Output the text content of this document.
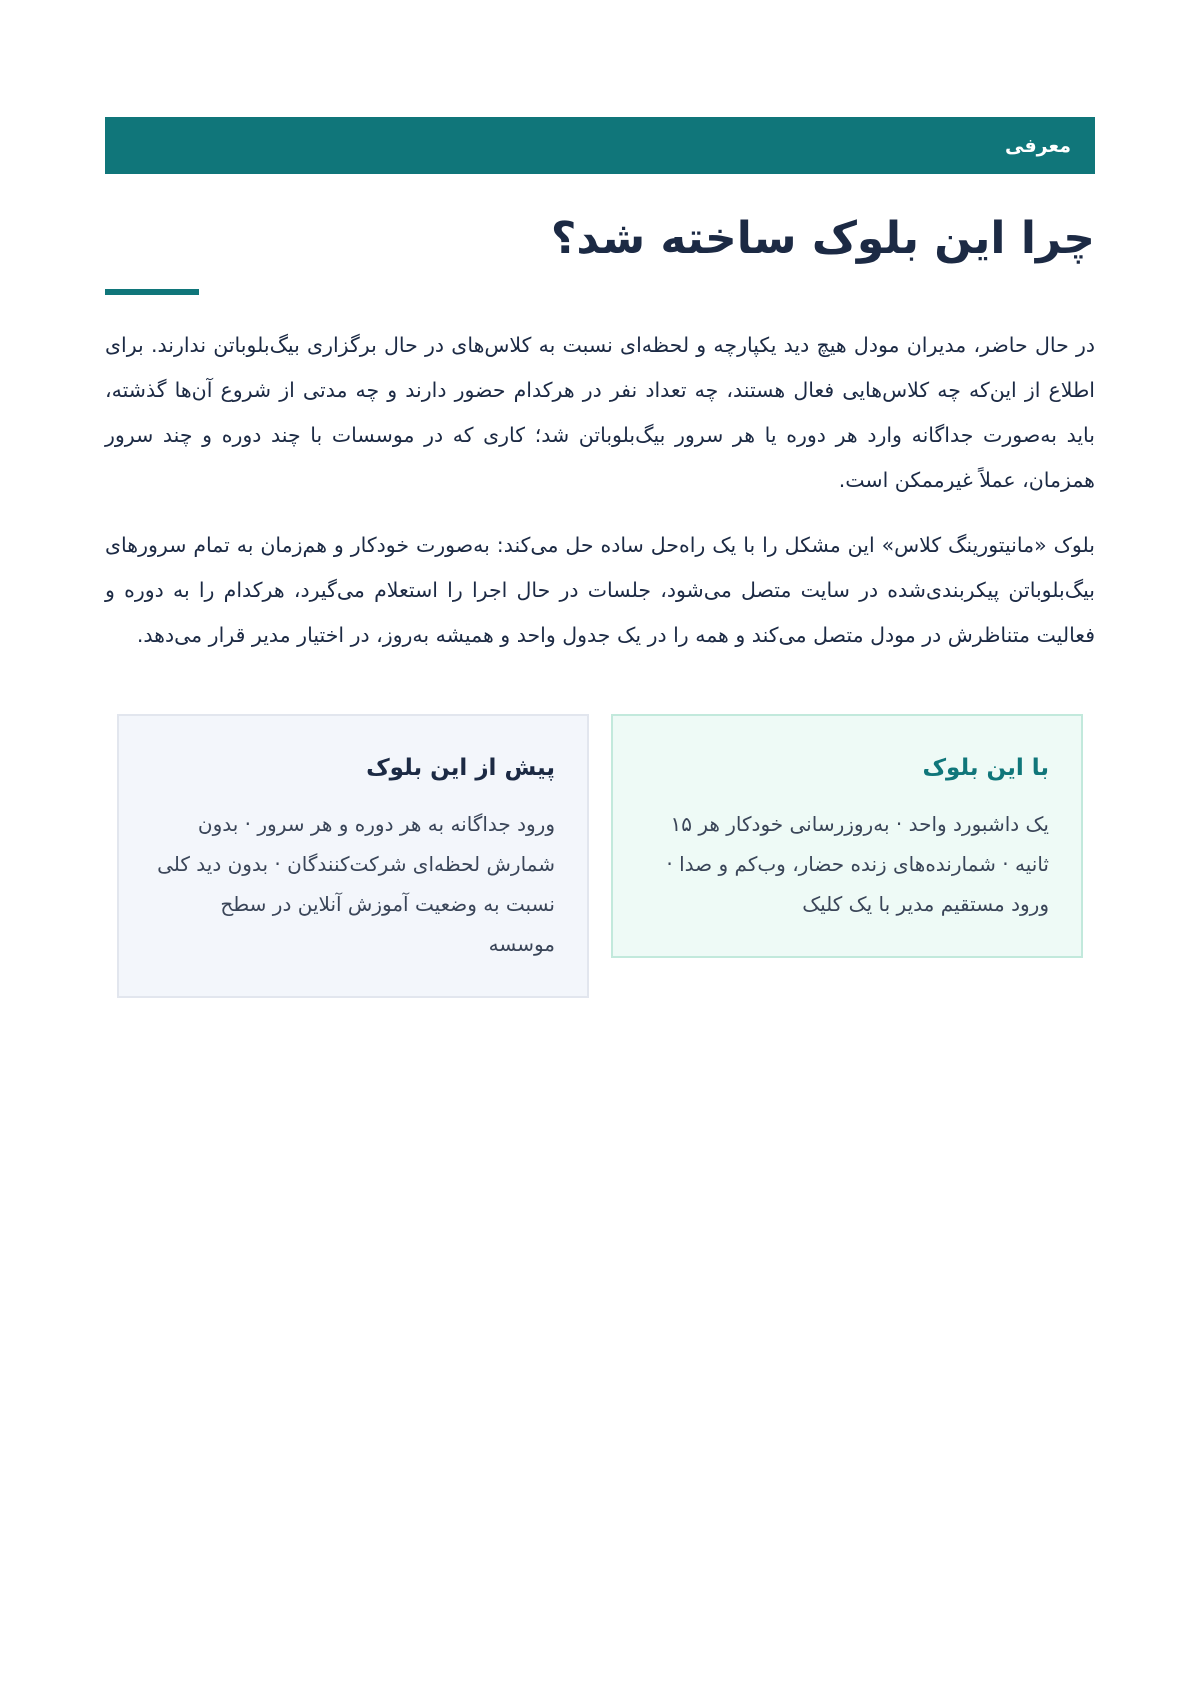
معرفی
چرا این بلوک ساخته شد؟

در حال حاضر، مدیران مودل هیچ دید یکپارچه و لحظه‌ای نسبت به کلاس‌های در حال برگزاری بیگ‌بلوباتن ندارند. برای اطلاع از این‌که چه کلاس‌هایی فعال هستند، چه تعداد نفر در هرکدام حضور دارند و چه مدتی از شروع آن‌ها گذشته، باید به‌صورت جداگانه وارد هر دوره یا هر سرور بیگ‌بلوباتن شد؛ کاری که در موسسات با چند دوره و چند سرور همزمان، عملاً غیرممکن است.

بلوک «مانیتورینگ کلاس» این مشکل را با یک راه‌حل ساده حل می‌کند: به‌صورت خودکار و هم‌زمان به تمام سرورهای بیگ‌بلوباتن پیکربندی‌شده در سایت متصل می‌شود، جلسات در حال اجرا را استعلام می‌گیرد، هرکدام را به دوره و فعالیت متناظرش در مودل متصل می‌کند و همه را در یک جدول واحد و همیشه به‌روز، در اختیار مدیر قرار می‌دهد.

با این بلوک

یک داشبورد واحد · به‌روزرسانی خودکار هر ۱۵ ثانیه · شمارنده‌های زنده حضار، وب‌کم و صدا · ورود مستقیم مدیر با یک کلیک

پیش از این بلوک

ورود جداگانه به هر دوره و هر سرور · بدون شمارش لحظه‌ای شرکت‌کنندگان · بدون دید کلی نسبت به وضعیت آموزش آنلاین در سطح موسسه
